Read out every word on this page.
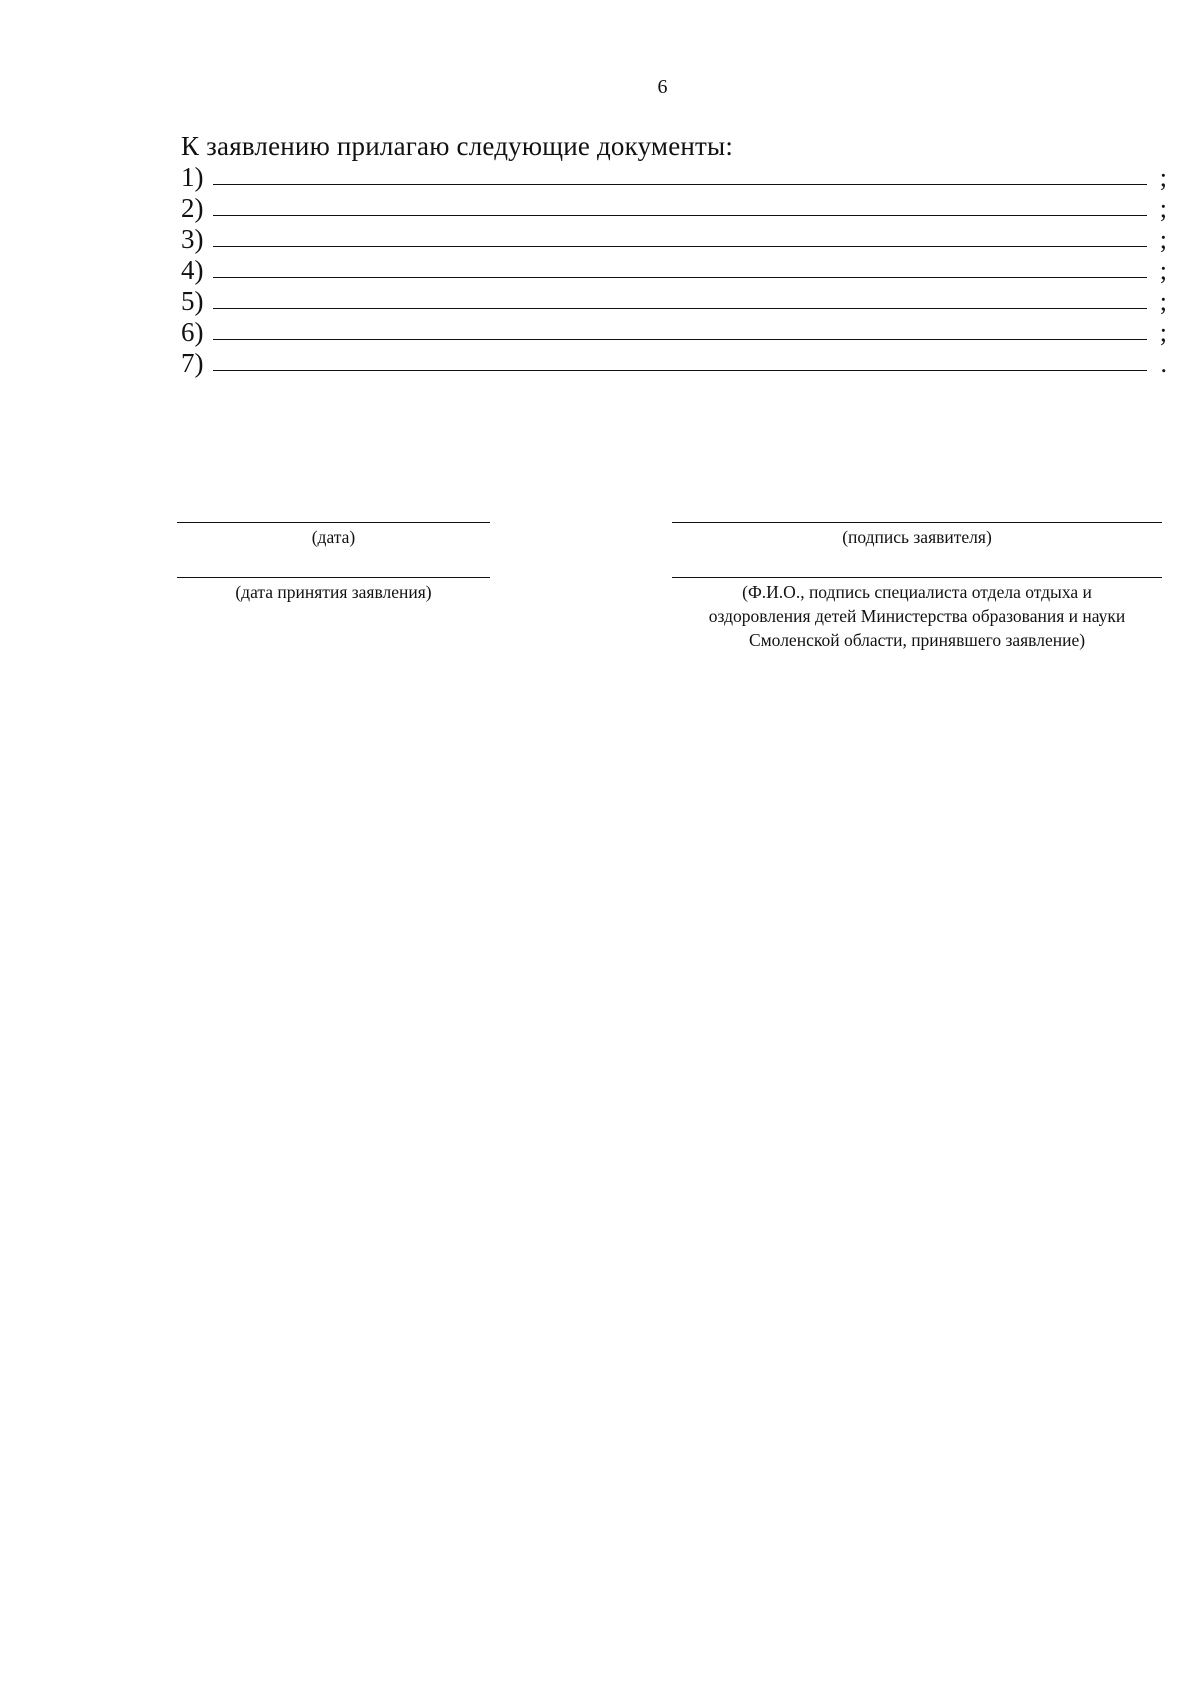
6
К заявлению прилагаю следующие документы:
1)	;
2)	;
3)	;
4)	;
5)	;
6)	;
7)	.
(дата)	(подпись заявителя)
(дата принятия заявления)	(Ф.И.О., подпись специалиста отдела отдыха и
оздоровления детей Министерства образования и науки
Смоленской области, принявшего заявление)
